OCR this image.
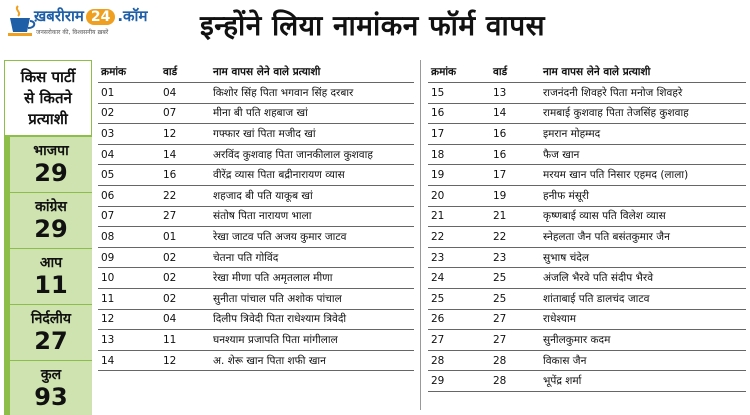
ख़बरीराम 24 .कॉम
जनसरोकार की, विश्वसनीय ख़बरें	इन्होंने लिया नामांकन फॉर्म वापस
किस पार्टी
से कितने
प्रत्याशी
भाजपा
29
कांग्रेस
29
आप
11
निर्दलीय
27
कुल
93
क्रमांक	वार्ड	नाम वापस लेने वाले प्रत्याशी
01	04	किशोर सिंह पिता भगवान सिंह दरबार
02	07	मीना बी पति शहबाज खां
03	12	गफ्फार खां पिता मजीद खां
04	14	अरविंद कुशवाह पिता जानकीलाल कुशवाह
05	16	वीरेंद्र व्यास पिता बद्रीनारायण व्यास
06	22	शहजाद बी पति याकूब खां
07	27	संतोष पिता नारायण भाला
08	01	रेखा जाटव पति अजय कुमार जाटव
09	02	चेतना पति गोविंद
10	02	रेखा मीणा पति अमृतलाल मीणा
11	02	सुनीता पांचाल पति अशोक पांचाल
12	04	दिलीप त्रिवेदी पिता राधेश्याम त्रिवेदी
13	11	घनश्याम प्रजापति पिता मांगीलाल
14	12	अ. शेरू खान पिता शफी खान
क्रमांक	वार्ड	नाम वापस लेने वाले प्रत्याशी
15	13	राजनंदनी शिवहरे पिता मनोज शिवहरे
16	14	रामबाई कुशवाह पिता तेजसिंह कुशवाह
17	16	इमरान मोहम्मद
18	16	फैज खान
19	17	मरयम खान पति निसार एहमद (लाला)
20	19	हनीफ मंसूरी
21	21	कृष्णबाई व्यास पति विलेश व्यास
22	22	स्नेहलता जैन पति बसंतकुमार जैन
23	23	सुभाष चंदेल
24	25	अंजलि भैरवे पति संदीप भैरवे
25	25	शांताबाई पति डालचंद जाटव
26	27	राधेश्याम
27	27	सुनीलकुमार कदम
28	28	विकास जैन
29	28	भूपेंद्र शर्मा
